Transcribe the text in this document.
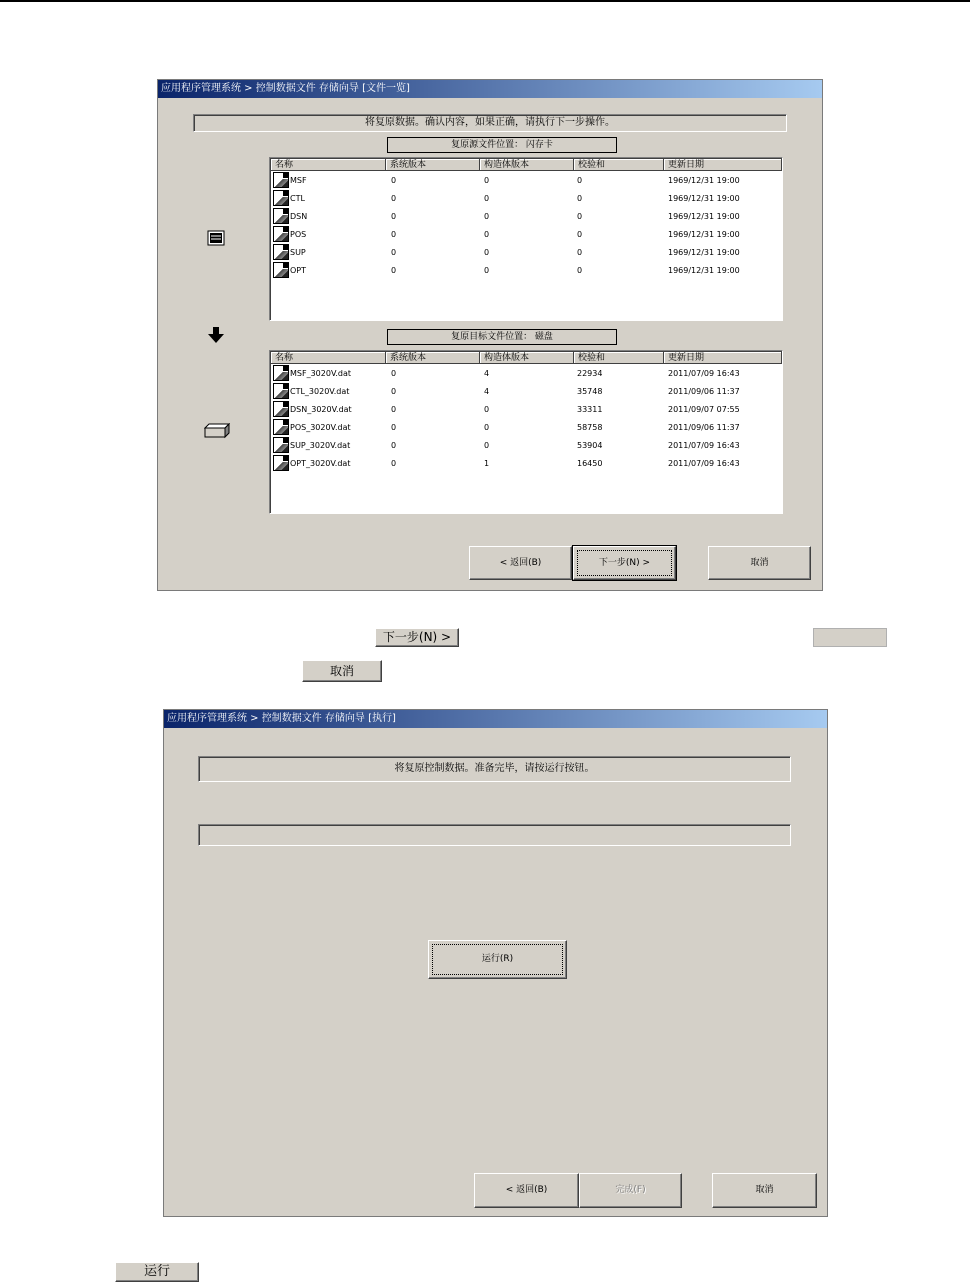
应用程序管理系统 > 控制数据文件 存储向导 [文件一览]
将复原数据。确认内容，如果正确，请执行下一步操作。
复原源文件位置： 闪存卡
名称	系统版本	构造体版本	校验和	更新日期
MSF	0	0	0	1969/12/31 19:00
CTL	0	0	0	1969/12/31 19:00
DSN	0	0	0	1969/12/31 19:00
POS	0	0	0	1969/12/31 19:00
SUP	0	0	0	1969/12/31 19:00
OPT	0	0	0	1969/12/31 19:00
复原目标文件位置： 磁盘
名称	系统版本	构造体版本	校验和	更新日期
MSF_3020V.dat	0	4	22934	2011/07/09 16:43
CTL_3020V.dat	0	4	35748	2011/09/06 11:37
DSN_3020V.dat	0	0	33311	2011/09/07 07:55
POS_3020V.dat	0	0	58758	2011/09/06 11:37
SUP_3020V.dat	0	0	53904	2011/07/09 16:43
OPT_3020V.dat	0	1	16450	2011/07/09 16:43
< 返回(B)	下一步(N) >	取消
下一步(N) >
取消
应用程序管理系统 > 控制数据文件 存储向导 [执行]
将复原控制数据。准备完毕，请按运行按钮。
运行(R)
< 返回(B)	完成(F)	取消
运行
